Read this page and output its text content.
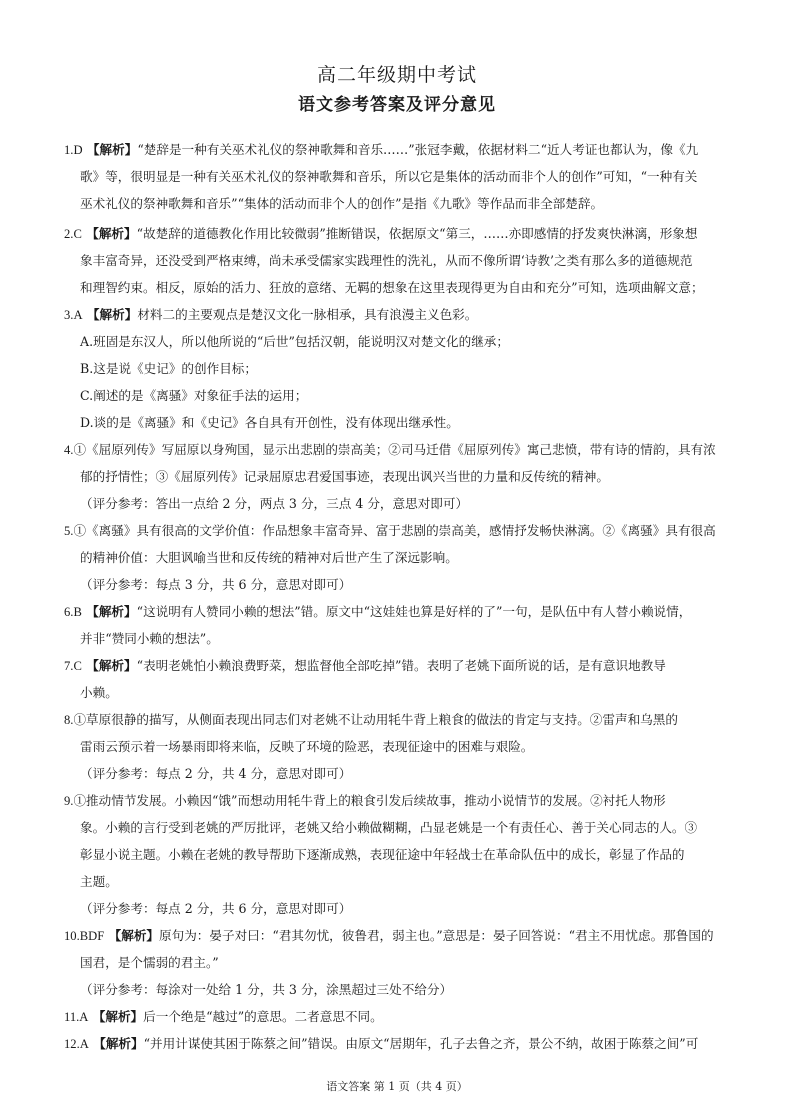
高二年级期中考试
语文参考答案及评分意见
1.D 【解析】“楚辞是一种有关巫术礼仪的祭神歌舞和音乐……”张冠李戴，依据材料二“近人考证也都认为，像《九
歌》等，很明显是一种有关巫术礼仪的祭神歌舞和音乐，所以它是集体的活动而非个人的创作”可知，“一种有关
巫术礼仪的祭神歌舞和音乐”“集体的活动而非个人的创作”是指《九歌》等作品而非全部楚辞。
2.C 【解析】“故楚辞的道德教化作用比较微弱”推断错误，依据原文“第三，……亦即感情的抒发爽快淋漓，形象想
象丰富奇异，还没受到严格束缚，尚未承受儒家实践理性的洗礼，从而不像所谓‘诗教’之类有那么多的道德规范
和理智约束。相反，原始的活力、狂放的意绪、无羁的想象在这里表现得更为自由和充分”可知，选项曲解文意；
3.A 【解析】材料二的主要观点是楚汉文化一脉相承，具有浪漫主义色彩。
A.班固是东汉人，所以他所说的“后世”包括汉朝，能说明汉对楚文化的继承；
B.这是说《史记》的创作目标；
C.阐述的是《离骚》对象征手法的运用；
D.谈的是《离骚》和《史记》各自具有开创性，没有体现出继承性。
4.①《屈原列传》写屈原以身殉国，显示出悲剧的崇高美；②司马迁借《屈原列传》寓己悲愤，带有诗的情韵，具有浓
郁的抒情性；③《屈原列传》记录屈原忠君爱国事迹，表现出讽兴当世的力量和反传统的精神。
（评分参考：答出一点给 2 分，两点 3 分，三点 4 分，意思对即可）
5.①《离骚》具有很高的文学价值：作品想象丰富奇异、富于悲剧的崇高美，感情抒发畅快淋漓。②《离骚》具有很高
的精神价值：大胆讽喻当世和反传统的精神对后世产生了深远影响。
（评分参考：每点 3 分，共 6 分，意思对即可）
6.B 【解析】“这说明有人赞同小赖的想法”错。原文中“这娃娃也算是好样的了”一句，是队伍中有人替小赖说情，
并非“赞同小赖的想法”。
7.C 【解析】“表明老姚怕小赖浪费野菜，想监督他全部吃掉”错。表明了老姚下面所说的话，是有意识地教导
小赖。
8.①草原很静的描写，从侧面表现出同志们对老姚不让动用牦牛背上粮食的做法的肯定与支持。②雷声和乌黑的
雷雨云预示着一场暴雨即将来临，反映了环境的险恶，表现征途中的困难与艰险。
（评分参考：每点 2 分，共 4 分，意思对即可）
9.①推动情节发展。小赖因“饿”而想动用牦牛背上的粮食引发后续故事，推动小说情节的发展。②衬托人物形
象。小赖的言行受到老姚的严厉批评，老姚又给小赖做糊糊，凸显老姚是一个有责任心、善于关心同志的人。③
彰显小说主题。小赖在老姚的教导帮助下逐渐成熟，表现征途中年轻战士在革命队伍中的成长，彰显了作品的
主题。
（评分参考：每点 2 分，共 6 分，意思对即可）
10.BDF 【解析】原句为：晏子对曰：“君其勿忧，彼鲁君，弱主也。”意思是：晏子回答说：“君主不用忧虑。那鲁国的
国君，是个懦弱的君主。”
（评分参考：每涂对一处给 1 分，共 3 分，涂黑超过三处不给分）
11.A 【解析】后一个绝是“越过”的意思。二者意思不同。
12.A 【解析】“并用计谋使其困于陈蔡之间”错误。由原文“居期年，孔子去鲁之齐，景公不纳，故困于陈蔡之间”可
语文答案 第 1 页（共 4 页）
